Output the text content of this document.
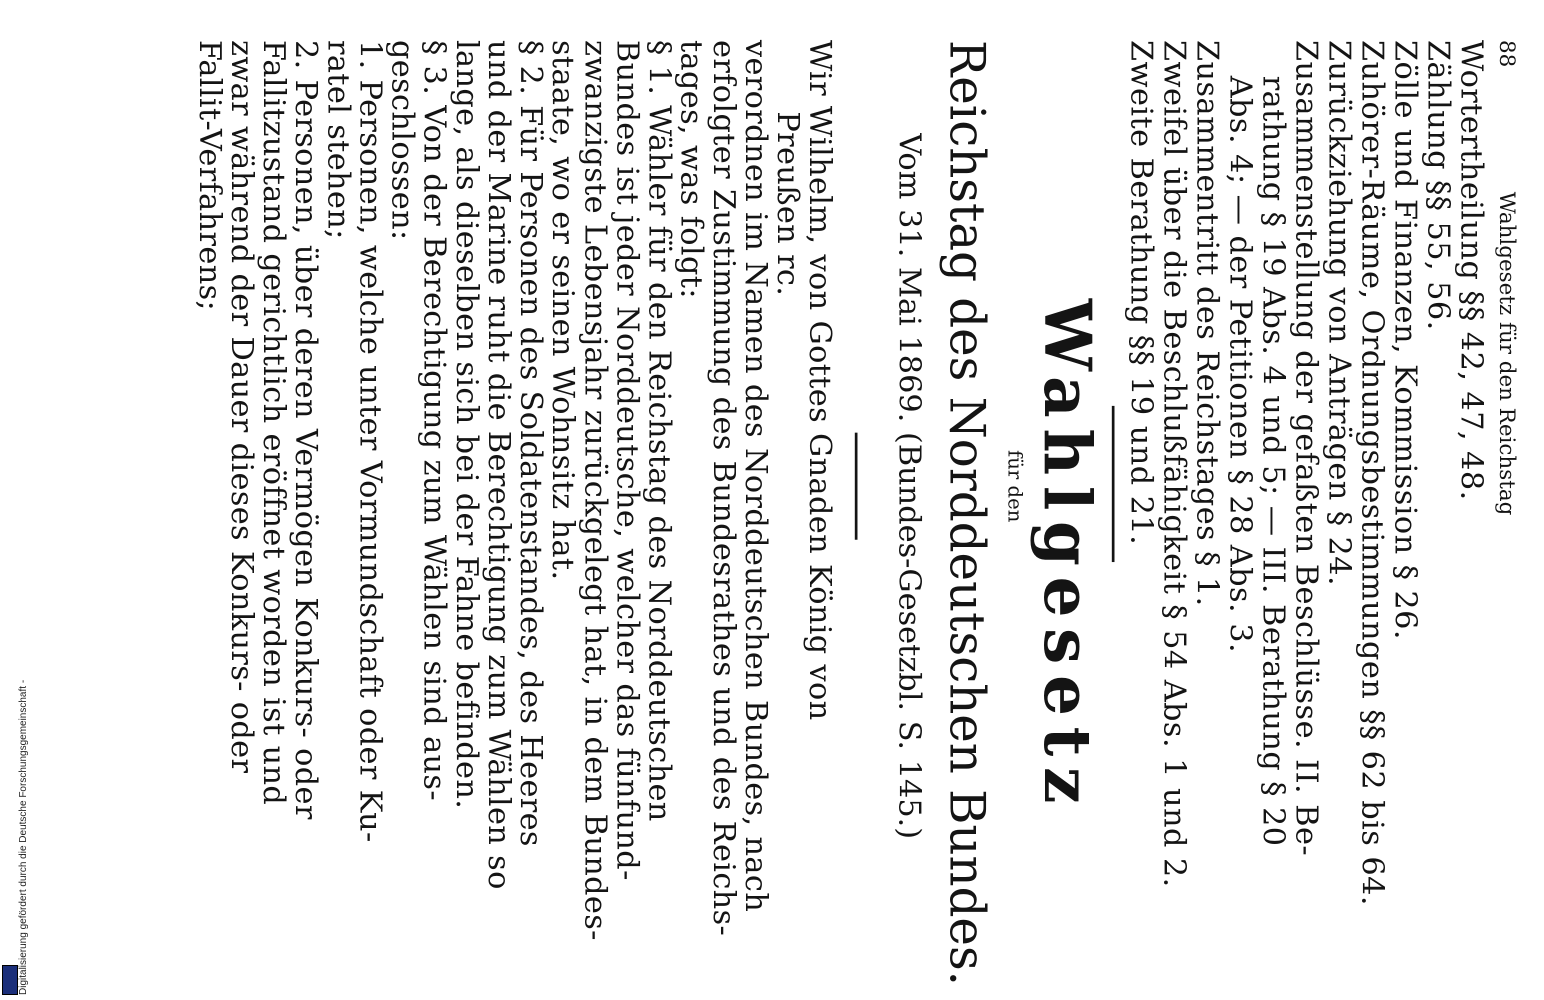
88
Wahlgesetz für den Reichstag
Wortertheilung §§ 42, 47, 48.
Zählung §§ 55, 56.
Zölle und Finanzen, Kommission § 26.
Zuhörer-Räume, Ordnungsbestimmungen §§ 62 bis 64.
Zurückziehung von Anträgen § 24.
Zusammenstellung der gefaßten Beschlüsse. II. Be-
rathung § 19 Abs. 4 und 5; — III. Berathung § 20
Abs. 4; — der Petitionen § 28 Abs. 3.
Zusammentritt des Reichstages § 1.
Zweifel über die Beschlußfähigkeit § 54 Abs. 1 und 2.
Zweite Berathung §§ 19 und 21.
Wahlgesetz
für den
Reichstag des Norddeutschen Bundes.
Vom 31. Mai 1869. (Bundes-Gesetzbl. S. 145.)
Wir Wilhelm, von Gottes Gnaden König von
Preußen rc.
verordnen im Namen des Norddeutschen Bundes, nach
erfolgter Zustimmung des Bundesrathes und des Reichs-
tages, was folgt:
§ 1. Wähler für den Reichstag des Norddeutschen
Bundes ist jeder Norddeutsche, welcher das fünfund-
zwanzigste Lebensjahr zurückgelegt hat, in dem Bundes-
staate, wo er seinen Wohnsitz hat.
§ 2. Für Personen des Soldatenstandes, des Heeres
und der Marine ruht die Berechtigung zum Wählen so
lange, als dieselben sich bei der Fahne befinden.
§ 3. Von der Berechtigung zum Wählen sind aus-
geschlossen:
1. Personen, welche unter Vormundschaft oder Ku-
ratel stehen;
2. Personen, über deren Vermögen Konkurs- oder
Fallitzustand gerichtlich eröffnet worden ist und
zwar während der Dauer dieses Konkurs- oder
Fallit-Verfahrens;
Digitalisierung gefördert durch die Deutsche Forschungsgemeinschaft -
